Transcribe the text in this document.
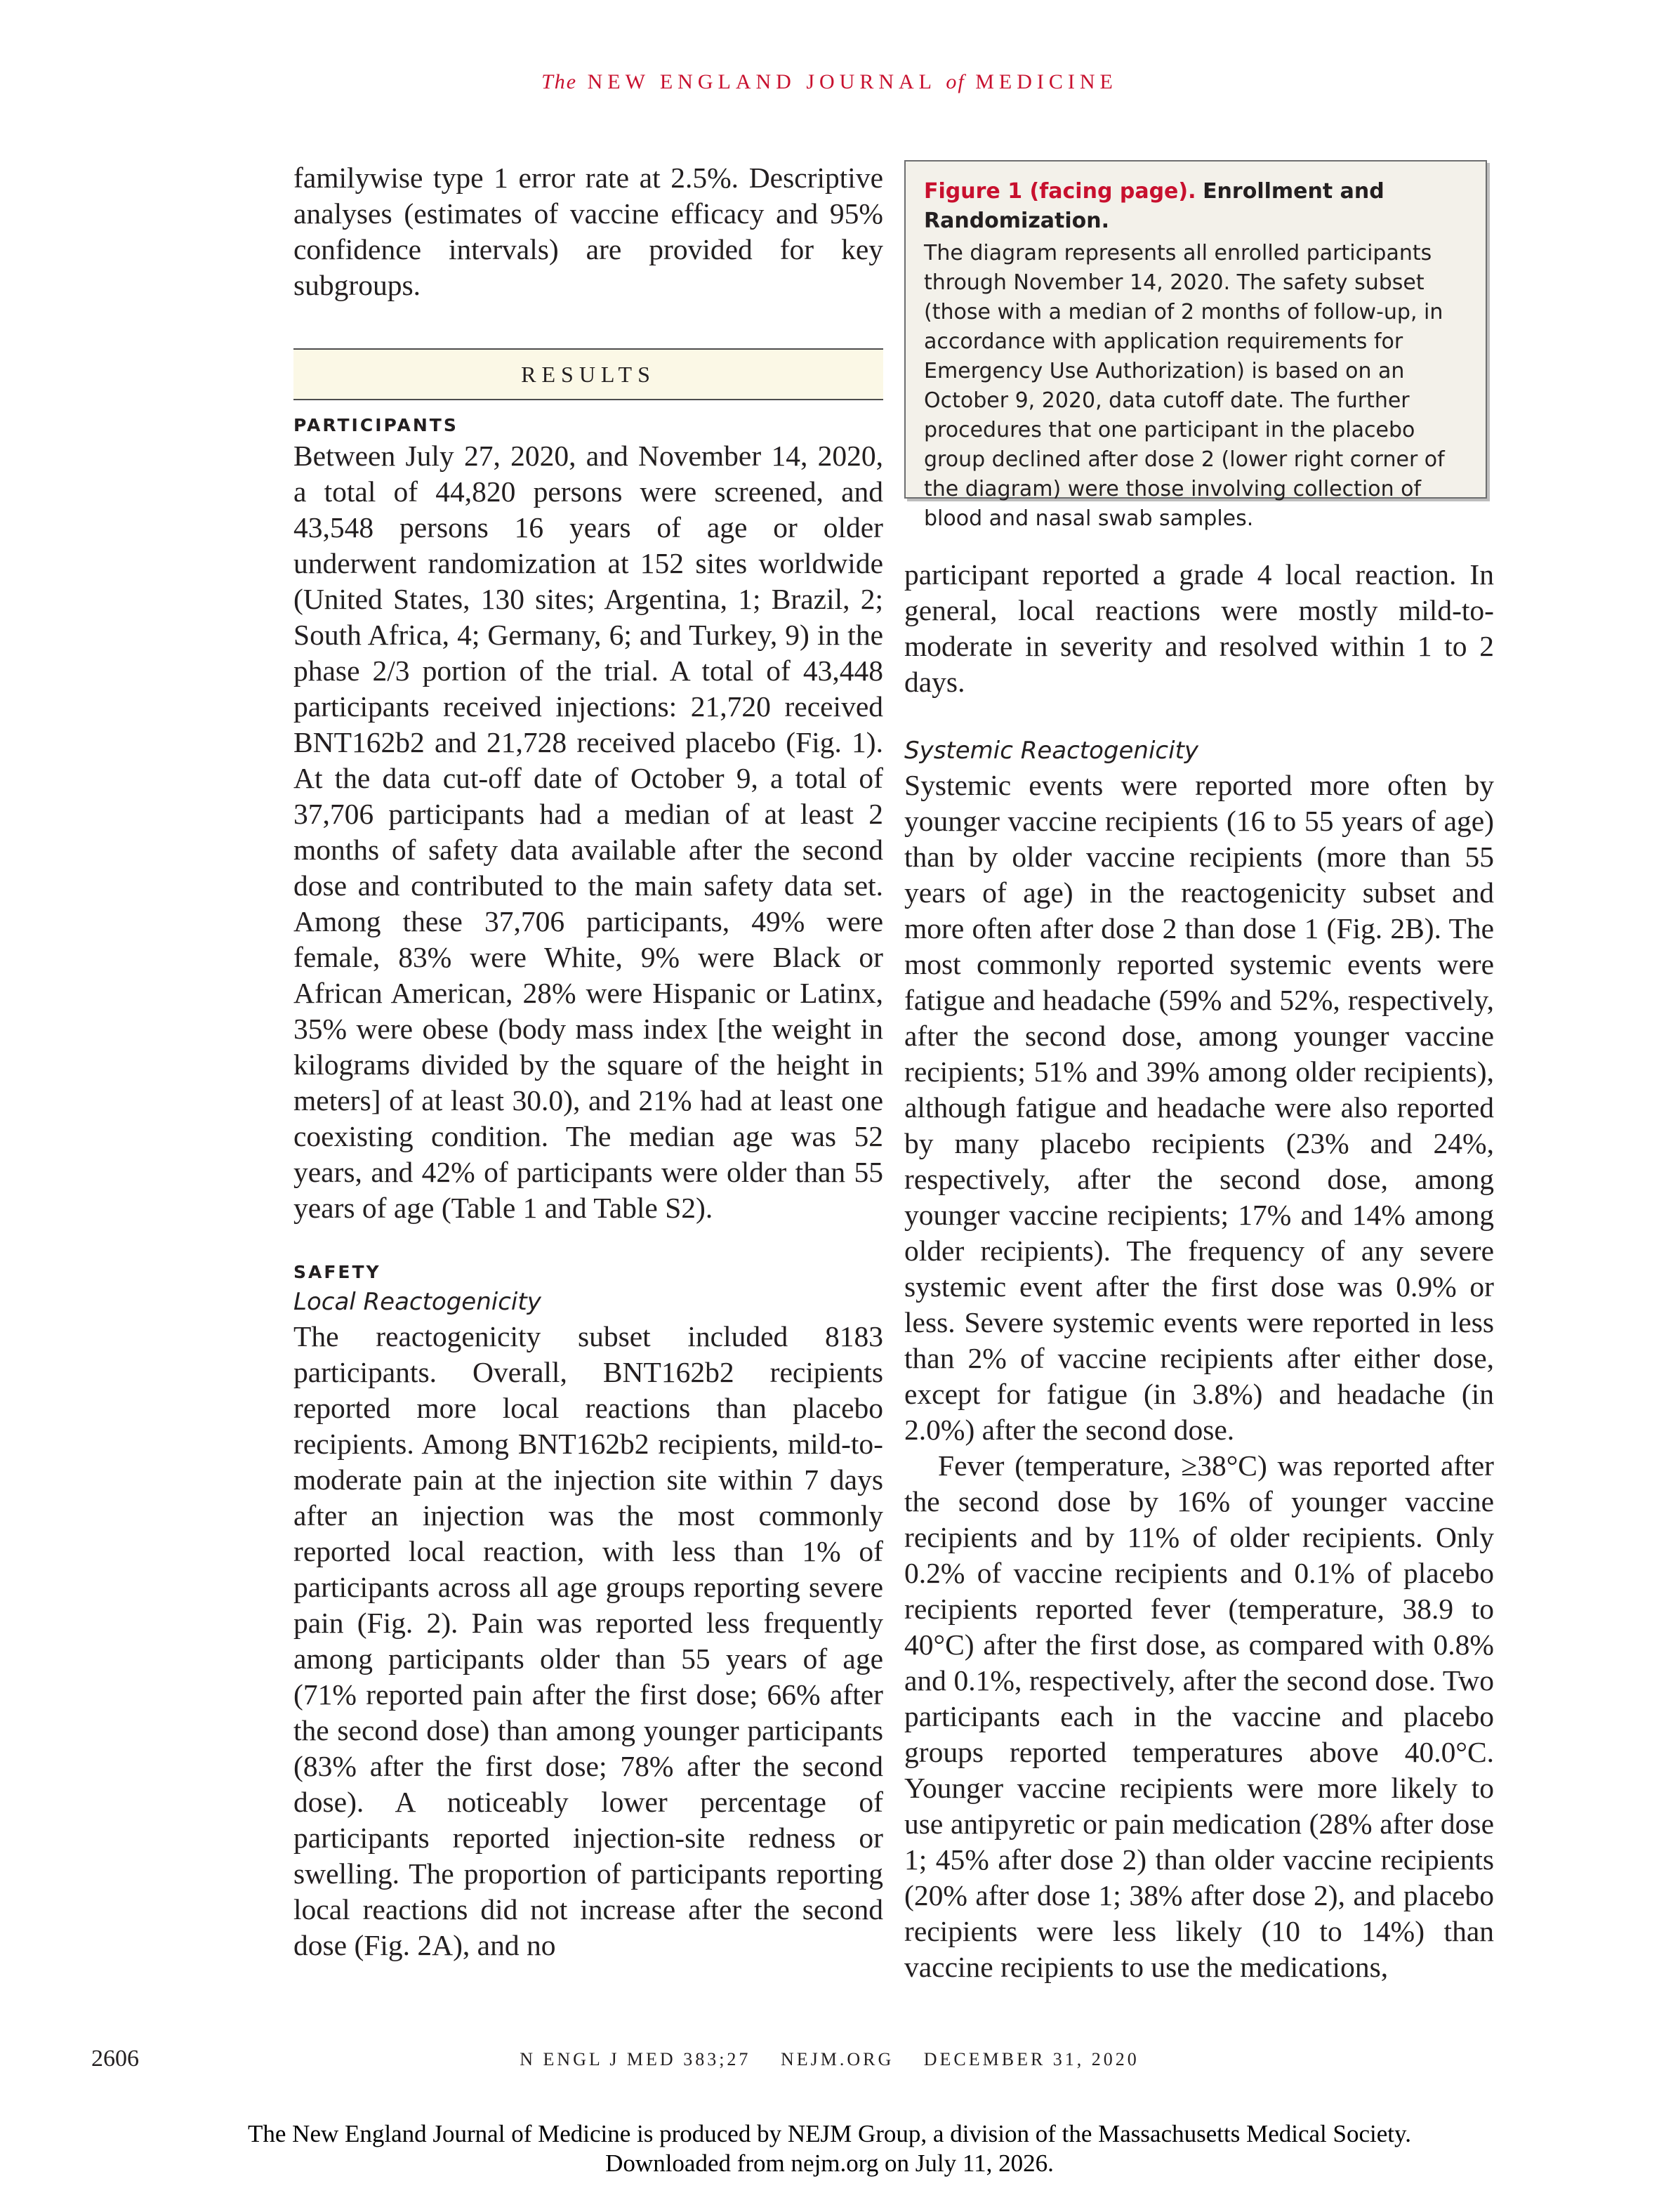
The NEW ENGLAND JOURNAL of MEDICINE

familywise type 1 error rate at 2.5%. Descriptive analyses (estimates of vaccine efficacy and 95% confidence intervals) are provided for key subgroups.

RESULTS
PARTICIPANTS

Between July 27, 2020, and November 14, 2020, a total of 44,820 persons were screened, and 43,548 persons 16 years of age or older underwent randomization at 152 sites worldwide (United States, 130 sites; Argentina, 1; Brazil, 2; South Africa, 4; Germany, 6; and Turkey, 9) in the phase 2/3 portion of the trial. A total of 43,448 participants received injections: 21,720 received BNT162b2 and 21,728 received placebo (Fig. 1). At the data cut-off date of October 9, a total of 37,706 participants had a median of at least 2 months of safety data available after the second dose and contributed to the main safety data set. Among these 37,706 participants, 49% were female, 83% were White, 9% were Black or African American, 28% were Hispanic or Latinx, 35% were obese (body mass index [the weight in kilograms divided by the square of the height in meters] of at least 30.0), and 21% had at least one coexisting condition. The median age was 52 years, and 42% of participants were older than 55 years of age (Table 1 and Table S2).

SAFETY
Local Reactogenicity

The reactogenicity subset included 8183 participants. Overall, BNT162b2 recipients reported more local reactions than placebo recipients. Among BNT162b2 recipients, mild-to-moderate pain at the injection site within 7 days after an injection was the most commonly reported local reaction, with less than 1% of participants across all age groups reporting severe pain (Fig. 2). Pain was reported less frequently among participants older than 55 years of age (71% reported pain after the first dose; 66% after the second dose) than among younger participants (83% after the first dose; 78% after the second dose). A noticeably lower percentage of participants reported injection-site redness or swelling. The proportion of participants reporting local reactions did not increase after the second dose (Fig. 2A), and no

Figure 1 (facing page). Enrollment and Randomization.
The diagram represents all enrolled participants through November 14, 2020. The safety subset (those with a median of 2 months of follow-up, in accordance with application requirements for Emergency Use Authorization) is based on an October 9, 2020, data cutoff date. The further procedures that one participant in the placebo group declined after dose 2 (lower right corner of the diagram) were those involving collection of blood and nasal swab samples.

participant reported a grade 4 local reaction. In general, local reactions were mostly mild-to-moderate in severity and resolved within 1 to 2 days.

Systemic Reactogenicity

Systemic events were reported more often by younger vaccine recipients (16 to 55 years of age) than by older vaccine recipients (more than 55 years of age) in the reactogenicity subset and more often after dose 2 than dose 1 (Fig. 2B). The most commonly reported systemic events were fatigue and headache (59% and 52%, respectively, after the second dose, among younger vaccine recipients; 51% and 39% among older recipients), although fatigue and headache were also reported by many placebo recipients (23% and 24%, respectively, after the second dose, among younger vaccine recipients; 17% and 14% among older recipients). The frequency of any severe systemic event after the first dose was 0.9% or less. Severe systemic events were reported in less than 2% of vaccine recipients after either dose, except for fatigue (in 3.8%) and headache (in 2.0%) after the second dose.

Fever (temperature, ≥38°C) was reported after the second dose by 16% of younger vaccine recipients and by 11% of older recipients. Only 0.2% of vaccine recipients and 0.1% of placebo recipients reported fever (temperature, 38.9 to 40°C) after the first dose, as compared with 0.8% and 0.1%, respectively, after the second dose. Two participants each in the vaccine and placebo groups reported temperatures above 40.0°C. Younger vaccine recipients were more likely to use antipyretic or pain medication (28% after dose 1; 45% after dose 2) than older vaccine recipients (20% after dose 1; 38% after dose 2), and placebo recipients were less likely (10 to 14%) than vaccine recipients to use the medications,

2606	N ENGL J MED 383;27 NEJM.ORG DECEMBER 31, 2020
The New England Journal of Medicine is produced by NEJM Group, a division of the Massachusetts Medical Society.
Downloaded from nejm.org on July 11, 2026.
